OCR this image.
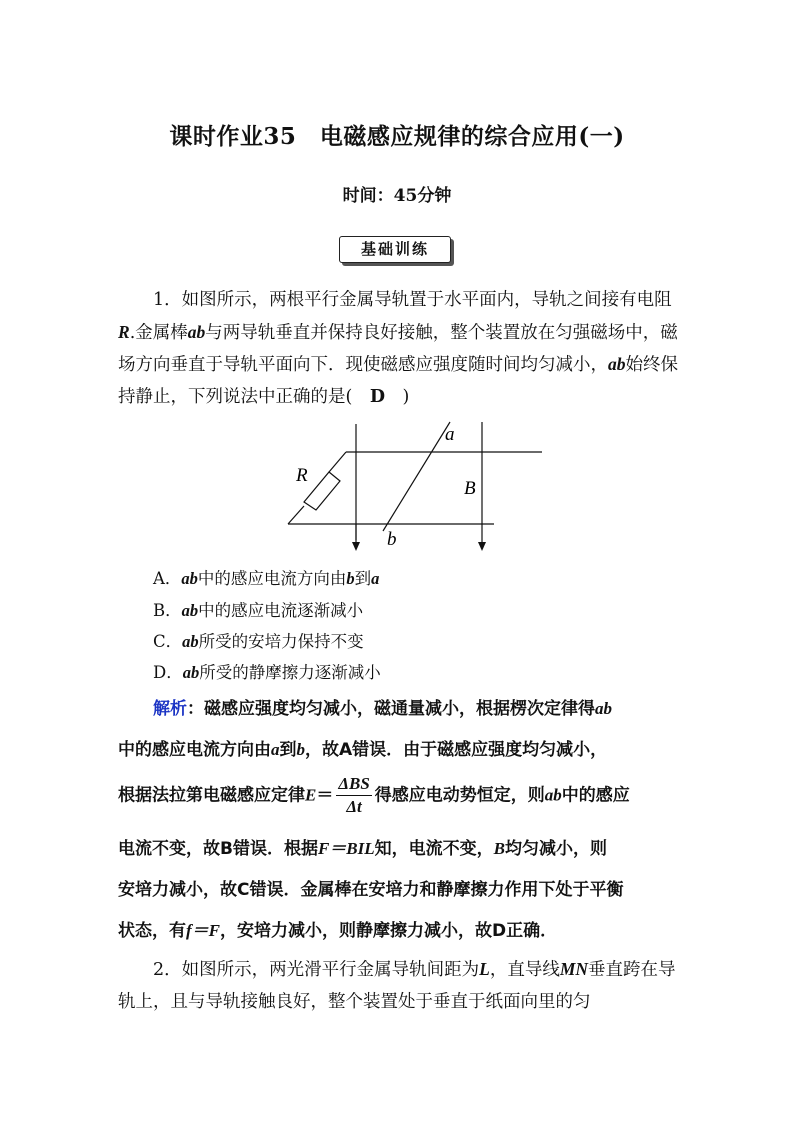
课时作业35　电磁感应规律的综合应用(一)
时间：45分钟
基础训练
1．如图所示，两根平行金属导轨置于水平面内，导轨之间接有电阻R.金属棒ab与两导轨垂直并保持良好接触，整个装置放在匀强磁场中，磁场方向垂直于导轨平面向下．现使磁感应强度随时间均匀减小，ab始终保持静止，下列说法中正确的是(　D　)
R
a
b
B
A．ab中的感应电流方向由b到a
B．ab中的感应电流逐渐减小
C．ab所受的安培力保持不变
D．ab所受的静摩擦力逐渐减小
解析：磁感应强度均匀减小，磁通量减小，根据楞次定律得ab
中的感应电流方向由a到b，故A错误．由于磁感应强度均匀减小，
根据法拉第电磁感应定律$E= \frac{\text{ΔBS}}{\Delta t}$ 得感应电动势恒定，则ab中的感应
电流不变，故B错误．根据F＝BIL知，电流不变，B均匀减小，则
安培力减小，故C错误．金属棒在安培力和静摩擦力作用下处于平衡
状态，有f＝F，安培力减小，则静摩擦力减小，故D正确．
2．如图所示，两光滑平行金属导轨间距为L，直导线MN垂直跨在导轨上，且与导轨接触良好，整个装置处于垂直于纸面向里的匀
